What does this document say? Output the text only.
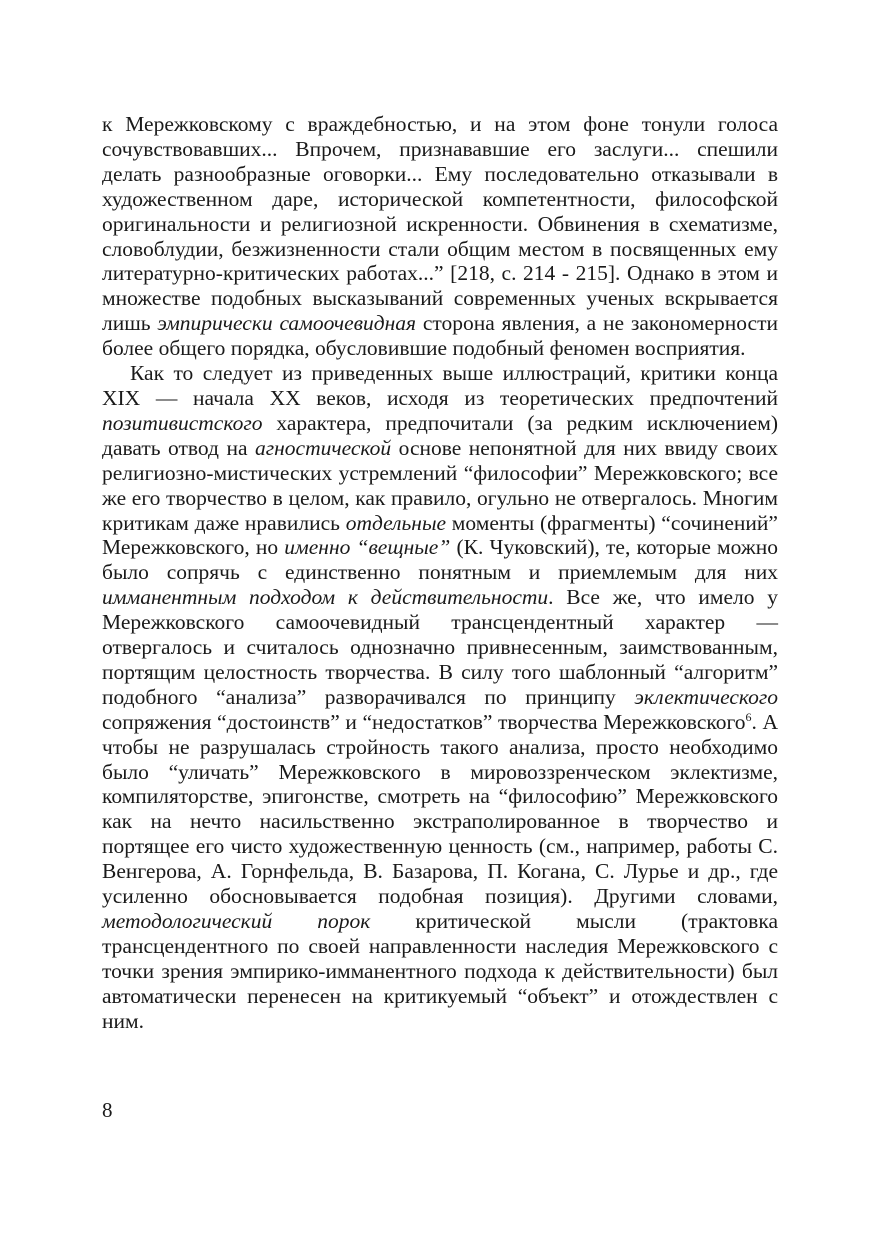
к Мережковскому с враждебностью, и на этом фоне тонули голоса сочувствовавших... Впрочем, признававшие его заслуги... спешили делать разнообразные оговорки... Ему последовательно отказывали в художественном даре, исторической компетентности, философской оригинальности и религиозной искренности. Обвинения в схематизме, словоблудии, безжизненности стали общим местом в посвященных ему литературно-критических работах...” [218, с. 214 - 215]. Однако в этом и множестве подобных высказываний современных ученых вскрывается лишь эмпирически самоочевидная сторона явления, а не закономерности более общего порядка, обусловившие подобный феномен восприятия.

Как то следует из приведенных выше иллюстраций, критики конца XIX — начала XX веков, исходя из теоретических предпочтений позитивистского характера, предпочитали (за редким исключением) давать отвод на агностической основе непонятной для них ввиду своих религиозно-мистических устремлений “философии” Мережковского; все же его творчество в целом, как правило, огульно не отвергалось. Многим критикам даже нравились отдельные моменты (фрагменты) “сочинений” Мережковского, но именно “вещные” (К. Чуковский), те, которые можно было сопрячь с единственно понятным и приемлемым для них имманентным подходом к действительности. Все же, что имело у Мережковского самоочевидный трансцендентный характер — отвергалось и считалось однозначно привнесенным, заимствованным, портящим целостность творчества. В силу того шаблонный “алгоритм” подобного “анализа” разворачивался по принципу эклектического сопряжения “достоинств” и “недостатков” творчества Мережковского$^6$. А чтобы не разрушалась стройность такого анализа, просто необходимо было “уличать” Мережковского в мировоззренческом эклектизме, компиляторстве, эпигонстве, смотреть на “философию” Мережковского как на нечто насильственно экстраполированное в творчество и портящее его чисто художественную ценность (см., например, работы С. Венгерова, А. Горнфельда, В. Базарова, П. Когана, С. Лурье и др., где усиленно обосновывается подобная позиция). Другими словами, методологический порок критической мысли (трактовка трансцендентного по своей направленности наследия Мережковского с точки зрения эмпирико-имманентного подхода к действительности) был автоматически перенесен на критикуемый “объект” и отождествлен с ним.

8
